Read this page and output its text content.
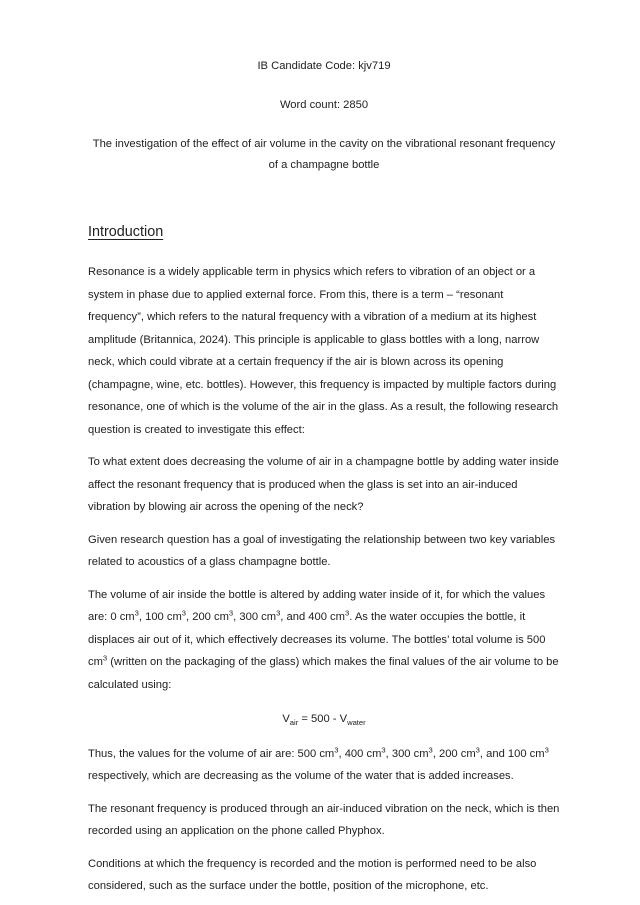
IB Candidate Code: kjv719

Word count: 2850

The investigation of the effect of air volume in the cavity on the vibrational resonant frequency of a champagne bottle

Introduction

Resonance is a widely applicable term in physics which refers to vibration of an object or a system in phase due to applied external force. From this, there is a term – “resonant frequency”, which refers to the natural frequency with a vibration of a medium at its highest amplitude (Britannica, 2024). This principle is applicable to glass bottles with a long, narrow neck, which could vibrate at a certain frequency if the air is blown across its opening (champagne, wine, etc. bottles). However, this frequency is impacted by multiple factors during resonance, one of which is the volume of the air in the glass. As a result, the following research question is created to investigate this effect:

To what extent does decreasing the volume of air in a champagne bottle by adding water inside affect the resonant frequency that is produced when the glass is set into an air-induced vibration by blowing air across the opening of the neck?

Given research question has a goal of investigating the relationship between two key variables related to acoustics of a glass champagne bottle.

The volume of air inside the bottle is altered by adding water inside of it, for which the values are: 0 $cm^3$, 100 $cm^3$, 200 $cm^3$, 300 $cm^3$, and 400 $cm^3$. As the water occupies the bottle, it displaces air out of it, which effectively decreases its volume. The bottles’ total volume is 500 $cm^3$ (written on the packaging of the glass) which makes the final values of the air volume to be calculated using:

$V_{air} = 500 - V_{water}$

Thus, the values for the volume of air are: 500 $cm^3$, 400 $cm^3$, 300 $cm^3$, 200 $cm^3$, and 100 $cm^3$ respectively, which are decreasing as the volume of the water that is added increases.

The resonant frequency is produced through an air-induced vibration on the neck, which is then recorded using an application on the phone called Phyphox.

Conditions at which the frequency is recorded and the motion is performed need to be also considered, such as the surface under the bottle, position of the microphone, etc.
